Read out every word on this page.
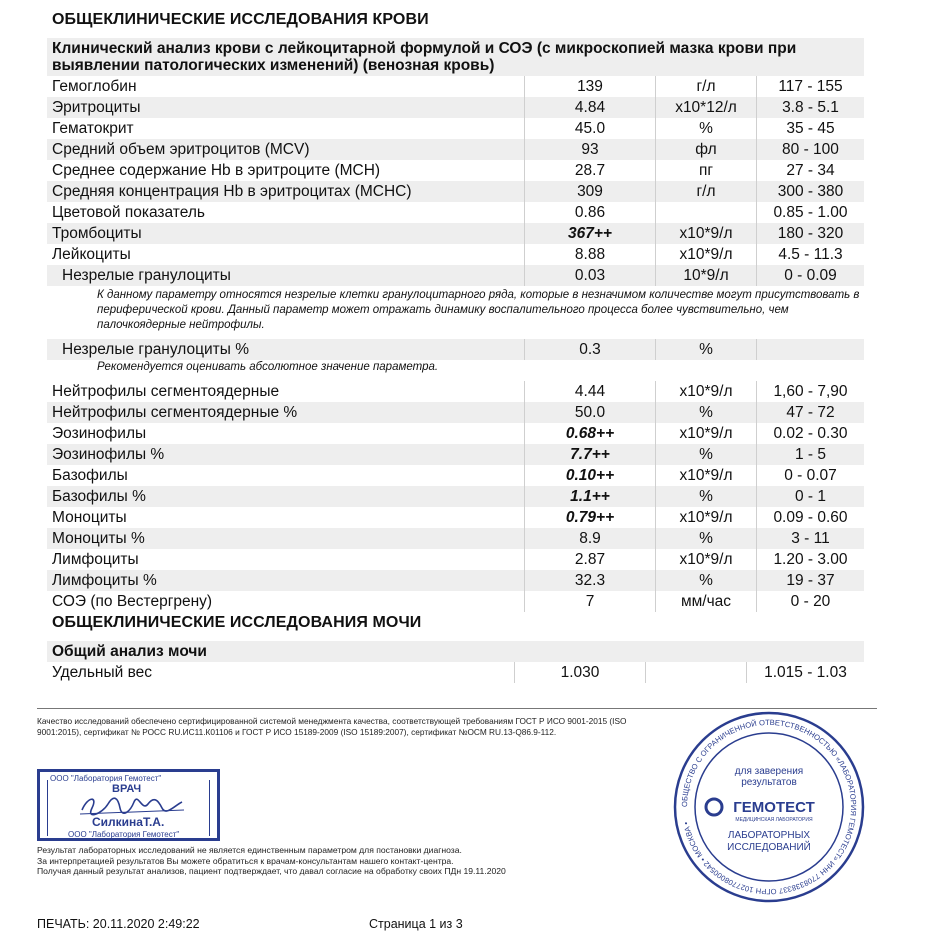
ОБЩЕКЛИНИЧЕСКИЕ ИССЛЕДОВАНИЯ КРОВИ
Клинический анализ крови с лейкоцитарной формулой и СОЭ (с микроскопией мазка крови при выявлении патологических изменений) (венозная кровь)
Гемоглобин	139	г/л	117 - 155
Эритроциты	4.84	x10*12/л	3.8 - 5.1
Гематокрит	45.0	%	35 - 45
Средний объем эритроцитов (MCV)	93	фл	80 - 100
Среднее содержание Hb в эритроците (MCH)	28.7	пг	27 - 34
Средняя концентрация Hb в эритроцитах (MCHC)	309	г/л	300 - 380
Цветовой показатель	0.86		0.85 - 1.00
Тромбоциты	367++	x10*9/л	180 - 320
Лейкоциты	8.88	x10*9/л	4.5 - 11.3
Незрелые гранулоциты	0.03	10*9/л	0 - 0.09
К данному параметру относятся незрелые клетки гранулоцитарного ряда, которые в незначимом количестве могут присутствовать в периферической крови. Данный параметр может отражать динамику воспалительного процесса более чувствительно, чем палочкоядерные нейтрофилы.			
Незрелые гранулоциты %	0.3	%	
Рекомендуется оценивать абсолютное значение параметра.			
Нейтрофилы сегментоядерные	4.44	x10*9/л	1,60 - 7,90
Нейтрофилы сегментоядерные %	50.0	%	47 - 72
Эозинофилы	0.68++	x10*9/л	0.02 - 0.30
Эозинофилы %	7.7++	%	1 - 5
Базофилы	0.10++	x10*9/л	0 - 0.07
Базофилы %	1.1++	%	0 - 1
Моноциты	0.79++	x10*9/л	0.09 - 0.60
Моноциты %	8.9	%	3 - 11
Лимфоциты	2.87	x10*9/л	1.20 - 3.00
Лимфоциты %	32.3	%	19 - 37
СОЭ (по Вестергрену)	7	мм/час	0 - 20
ОБЩЕКЛИНИЧЕСКИЕ ИССЛЕДОВАНИЯ МОЧИ
Общий анализ мочи
Удельный вес	1.030		1.015 - 1.03
Качество исследований обеспечено сертифицированной системой менеджмента качества, соответствующей требованиям ГОСТ Р ИСО 9001-2015 (ISO 9001:2015), сертификат № РОСС RU.ИС11.К01106 и ГОСТ Р ИСО 15189-2009 (ISO 15189:2007), сертификат №ОСМ RU.13-Q86.9-112.
ООО "Лаборатория Гемотест"
ВРАЧ
СилкинаТ.А.
ООО "Лаборатория Гемотест"
Результат лабораторных исследований не является единственным параметром для постановки диагноза.
За интерпретацией результатов Вы можете обратиться к врачам-консультантам нашего контакт-центра.
Получая данный результат анализов, пациент подтверждает, что давал согласие на обработку своих ПДн 19.11.2020
ОБЩЕСТВО С ОГРАНИЧЕННОЙ ОТВЕТСТВЕННОСТЬЮ «ЛАБОРАТОРИЯ ГЕМОТЕСТ» ИНН 7708338337 ОГРН 1027708000542 • МОСКВА •
для заверения
результатов
ГЕМОТЕСТ
МЕДИЦИНСКАЯ ЛАБОРАТОРИЯ
ЛАБОРАТОРНЫХ
ИССЛЕДОВАНИЙ
ПЕЧАТЬ: 20.11.2020 2:49:22	Страница 1 из 3
